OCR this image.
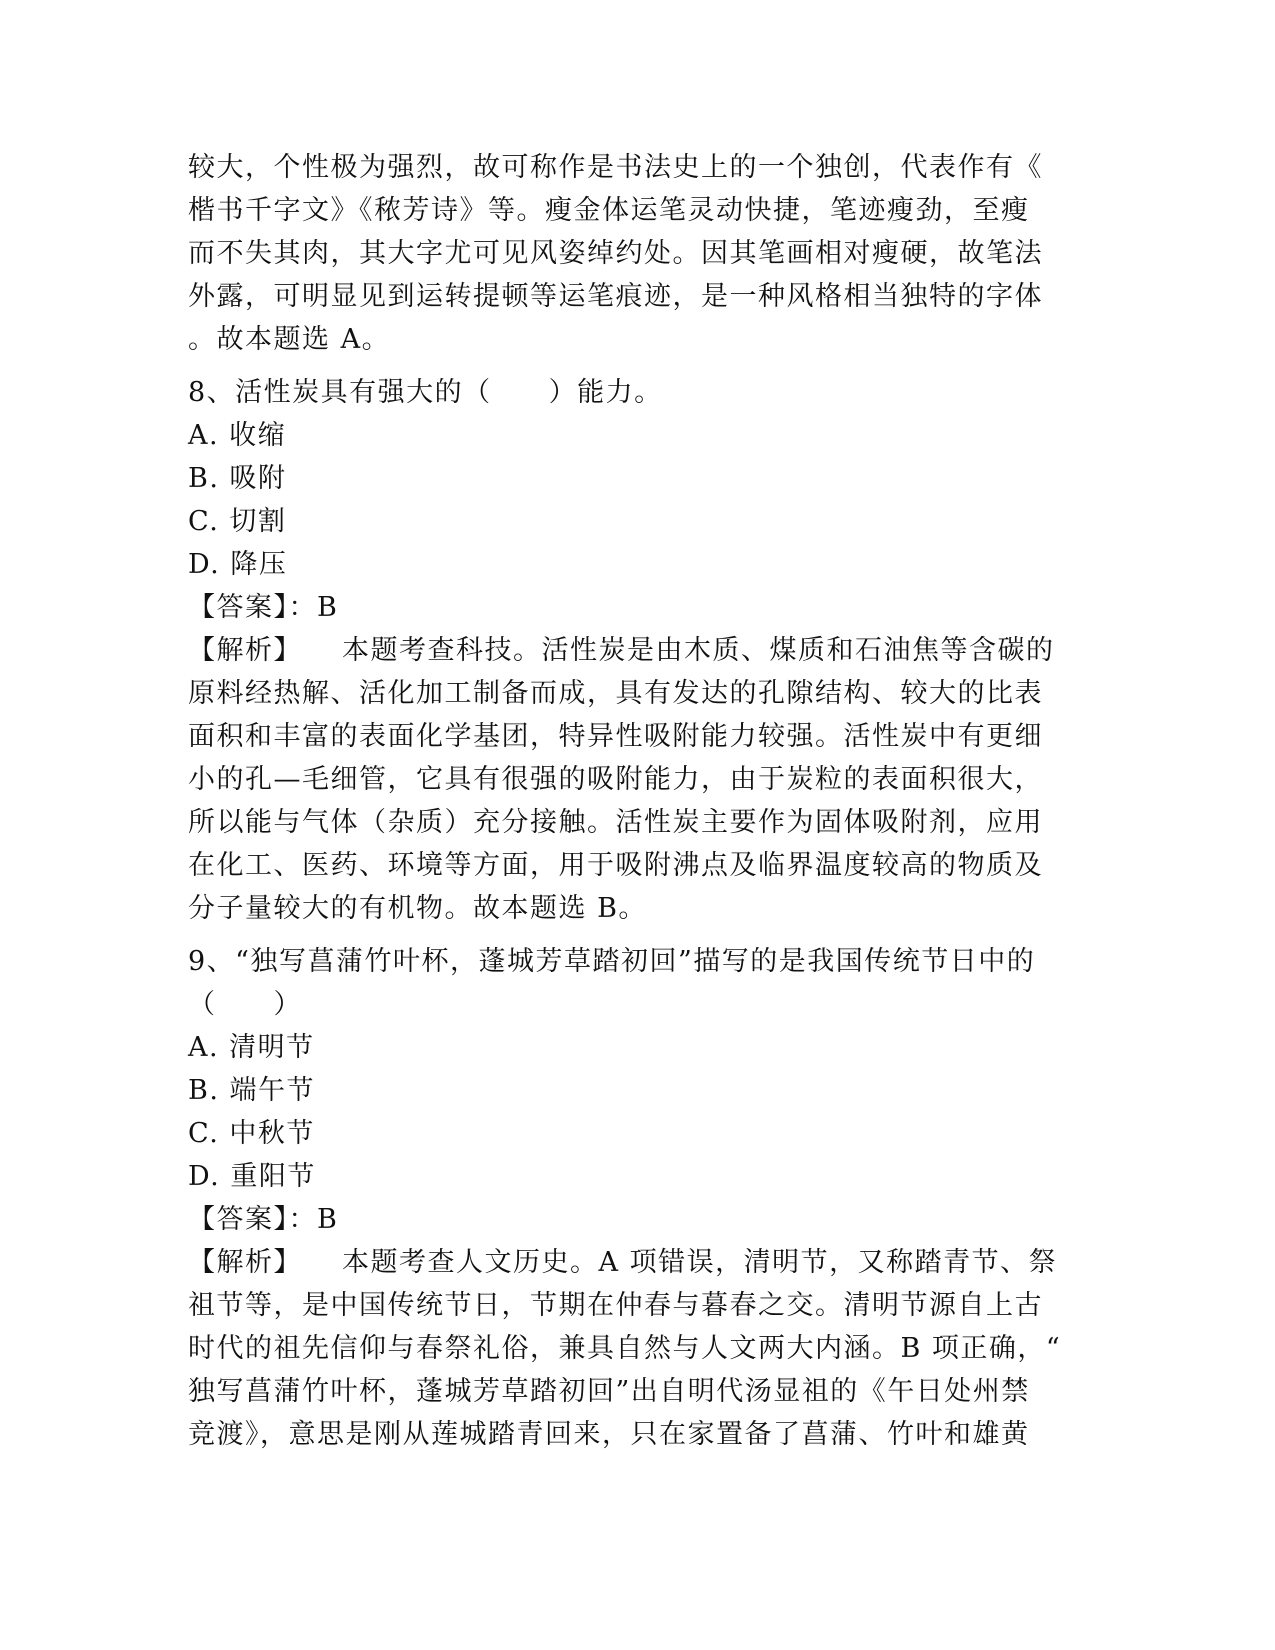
较大，个性极为强烈，故可称作是书法史上的一个独创，代表作有《
楷书千字文》《秾芳诗》等。瘦金体运笔灵动快捷，笔迹瘦劲，至瘦
而不失其肉，其大字尤可见风姿绰约处。因其笔画相对瘦硬，故笔法
外露，可明显见到运转提顿等运笔痕迹，是一种风格相当独特的字体
。故本题选 A。
8、活性炭具有强大的（　　）能力。
A. 收缩
B. 吸附
C. 切割
D. 降压
【答案】：B
【解析】 本题考查科技。活性炭是由木质、煤质和石油焦等含碳的
原料经热解、活化加工制备而成，具有发达的孔隙结构、较大的比表
面积和丰富的表面化学基团，特异性吸附能力较强。活性炭中有更细
小的孔—毛细管，它具有很强的吸附能力，由于炭粒的表面积很大，
所以能与气体（杂质）充分接触。活性炭主要作为固体吸附剂，应用
在化工、医药、环境等方面，用于吸附沸点及临界温度较高的物质及
分子量较大的有机物。故本题选 B。
9、“独写菖蒲竹叶杯，蓬城芳草踏初回”描写的是我国传统节日中的
（　　）
A. 清明节
B. 端午节
C. 中秋节
D. 重阳节
【答案】：B
【解析】 本题考查人文历史。A 项错误，清明节，又称踏青节、祭
祖节等，是中国传统节日，节期在仲春与暮春之交。清明节源自上古
时代的祖先信仰与春祭礼俗，兼具自然与人文两大内涵。B 项正确，“
独写菖蒲竹叶杯，蓬城芳草踏初回”出自明代汤显祖的《午日处州禁
竞渡》，意思是刚从莲城踏青回来，只在家置备了菖蒲、竹叶和雄黄
